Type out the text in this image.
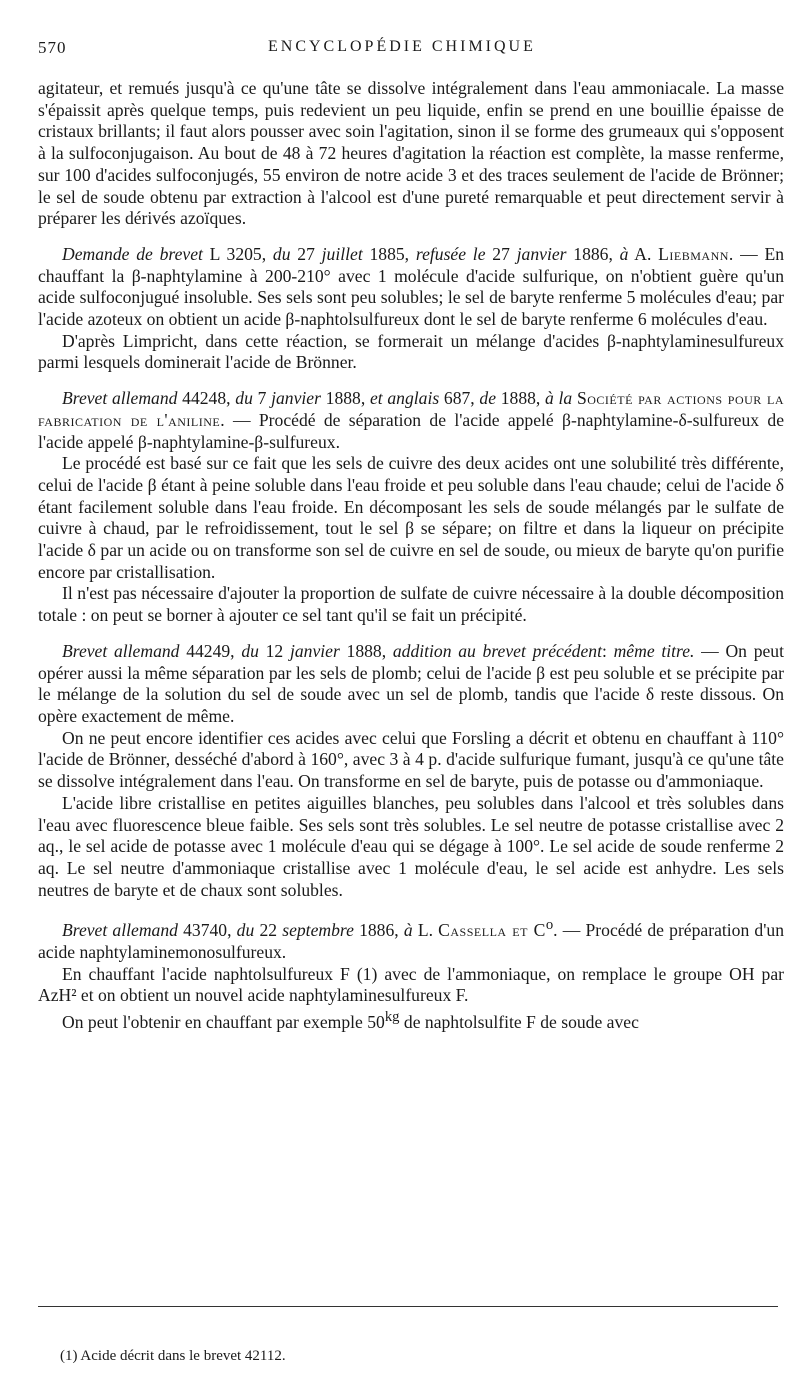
570	ENCYCLOPÉDIE CHIMIQUE

agitateur, et remués jusqu'à ce qu'une tâte se dissolve intégralement dans l'eau ammoniacale. La masse s'épaissit après quelque temps, puis redevient un peu liquide, enfin se prend en une bouillie épaisse de cristaux brillants; il faut alors pousser avec soin l'agitation, sinon il se forme des grumeaux qui s'opposent à la sulfoconjugaison. Au bout de 48 à 72 heures d'agitation la réaction est complète, la masse renferme, sur 100 d'acides sulfoconjugés, 55 environ de notre acide 3 et des traces seulement de l'acide de Brönner; le sel de soude obtenu par extraction à l'alcool est d'une pureté remarquable et peut directement servir à préparer les dérivés azoïques.

Demande de brevet L 3205, du 27 juillet 1885, refusée le 27 janvier 1886, à A. Liebmann. — En chauffant la β-naphtylamine à 200-210° avec 1 molécule d'acide sulfurique, on n'obtient guère qu'un acide sulfoconjugué insoluble. Ses sels sont peu solubles; le sel de baryte renferme 5 molécules d'eau; par l'acide azoteux on obtient un acide β-naphtolsulfureux dont le sel de baryte renferme 6 molécules d'eau.

D'après Limpricht, dans cette réaction, se formerait un mélange d'acides β-naphtylaminesulfureux parmi lesquels dominerait l'acide de Brönner.

Brevet allemand 44248, du 7 janvier 1888, et anglais 687, de 1888, à la Société par actions pour la fabrication de l'aniline. — Procédé de séparation de l'acide appelé β-naphtylamine-δ-sulfureux de l'acide appelé β-naphtylamine-β-sulfureux.

Le procédé est basé sur ce fait que les sels de cuivre des deux acides ont une solubilité très différente, celui de l'acide β étant à peine soluble dans l'eau froide et peu soluble dans l'eau chaude; celui de l'acide δ étant facilement soluble dans l'eau froide. En décomposant les sels de soude mélangés par le sulfate de cuivre à chaud, par le refroidissement, tout le sel β se sépare; on filtre et dans la liqueur on précipite l'acide δ par un acide ou on transforme son sel de cuivre en sel de soude, ou mieux de baryte qu'on purifie encore par cristallisation.

Il n'est pas nécessaire d'ajouter la proportion de sulfate de cuivre nécessaire à la double décomposition totale : on peut se borner à ajouter ce sel tant qu'il se fait un précipité.

Brevet allemand 44249, du 12 janvier 1888, addition au brevet précédent: même titre. — On peut opérer aussi la même séparation par les sels de plomb; celui de l'acide β est peu soluble et se précipite par le mélange de la solution du sel de soude avec un sel de plomb, tandis que l'acide δ reste dissous. On opère exactement de même.

On ne peut encore identifier ces acides avec celui que Forsling a décrit et obtenu en chauffant à 110° l'acide de Brönner, desséché d'abord à 160°, avec 3 à 4 p. d'acide sulfurique fumant, jusqu'à ce qu'une tâte se dissolve intégralement dans l'eau. On transforme en sel de baryte, puis de potasse ou d'ammoniaque.

L'acide libre cristallise en petites aiguilles blanches, peu solubles dans l'alcool et très solubles dans l'eau avec fluorescence bleue faible. Ses sels sont très solubles. Le sel neutre de potasse cristallise avec 2 aq., le sel acide de potasse avec 1 molécule d'eau qui se dégage à 100°. Le sel acide de soude renferme 2 aq. Le sel neutre d'ammoniaque cristallise avec 1 molécule d'eau, le sel acide est anhydre. Les sels neutres de baryte et de chaux sont solubles.

Brevet allemand 43740, du 22 septembre 1886, à L. Cassella et $C^o$. — Procédé de préparation d'un acide naphtylaminemonosulfureux.

En chauffant l'acide naphtolsulfureux F (1) avec de l'ammoniaque, on remplace le groupe OH par AzH² et on obtient un nouvel acide naphtylaminesulfureux F.

On peut l'obtenir en chauffant par exemple $50^{kg}$ de naphtolsulfite F de soude avec

(1) Acide décrit dans le brevet 42112.
